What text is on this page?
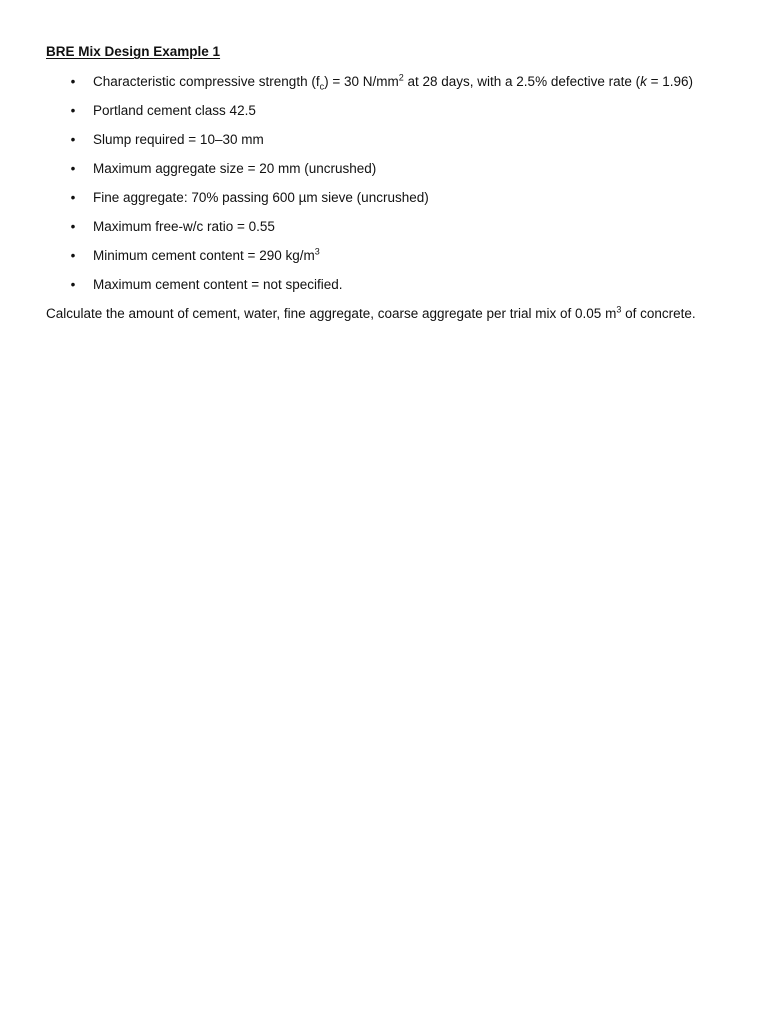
BRE Mix Design Example 1
• Characteristic compressive strength $(f_c) = 30$ $N/mm^2$ at 28 days, with a 2.5% defective rate (k = 1.96)
• Portland cement class 42.5
• Slump required = 10–30 mm
• Maximum aggregate size = 20 mm (uncrushed)
• Fine aggregate: 70% passing 600 µm sieve (uncrushed)
• Maximum free-w/c ratio = 0.55
• Minimum cement content = 290 $kg/m^3$
• Maximum cement content = not specified.

Calculate the amount of cement, water, fine aggregate, coarse aggregate per trial mix of 0.05 $m^3$ of concrete.
